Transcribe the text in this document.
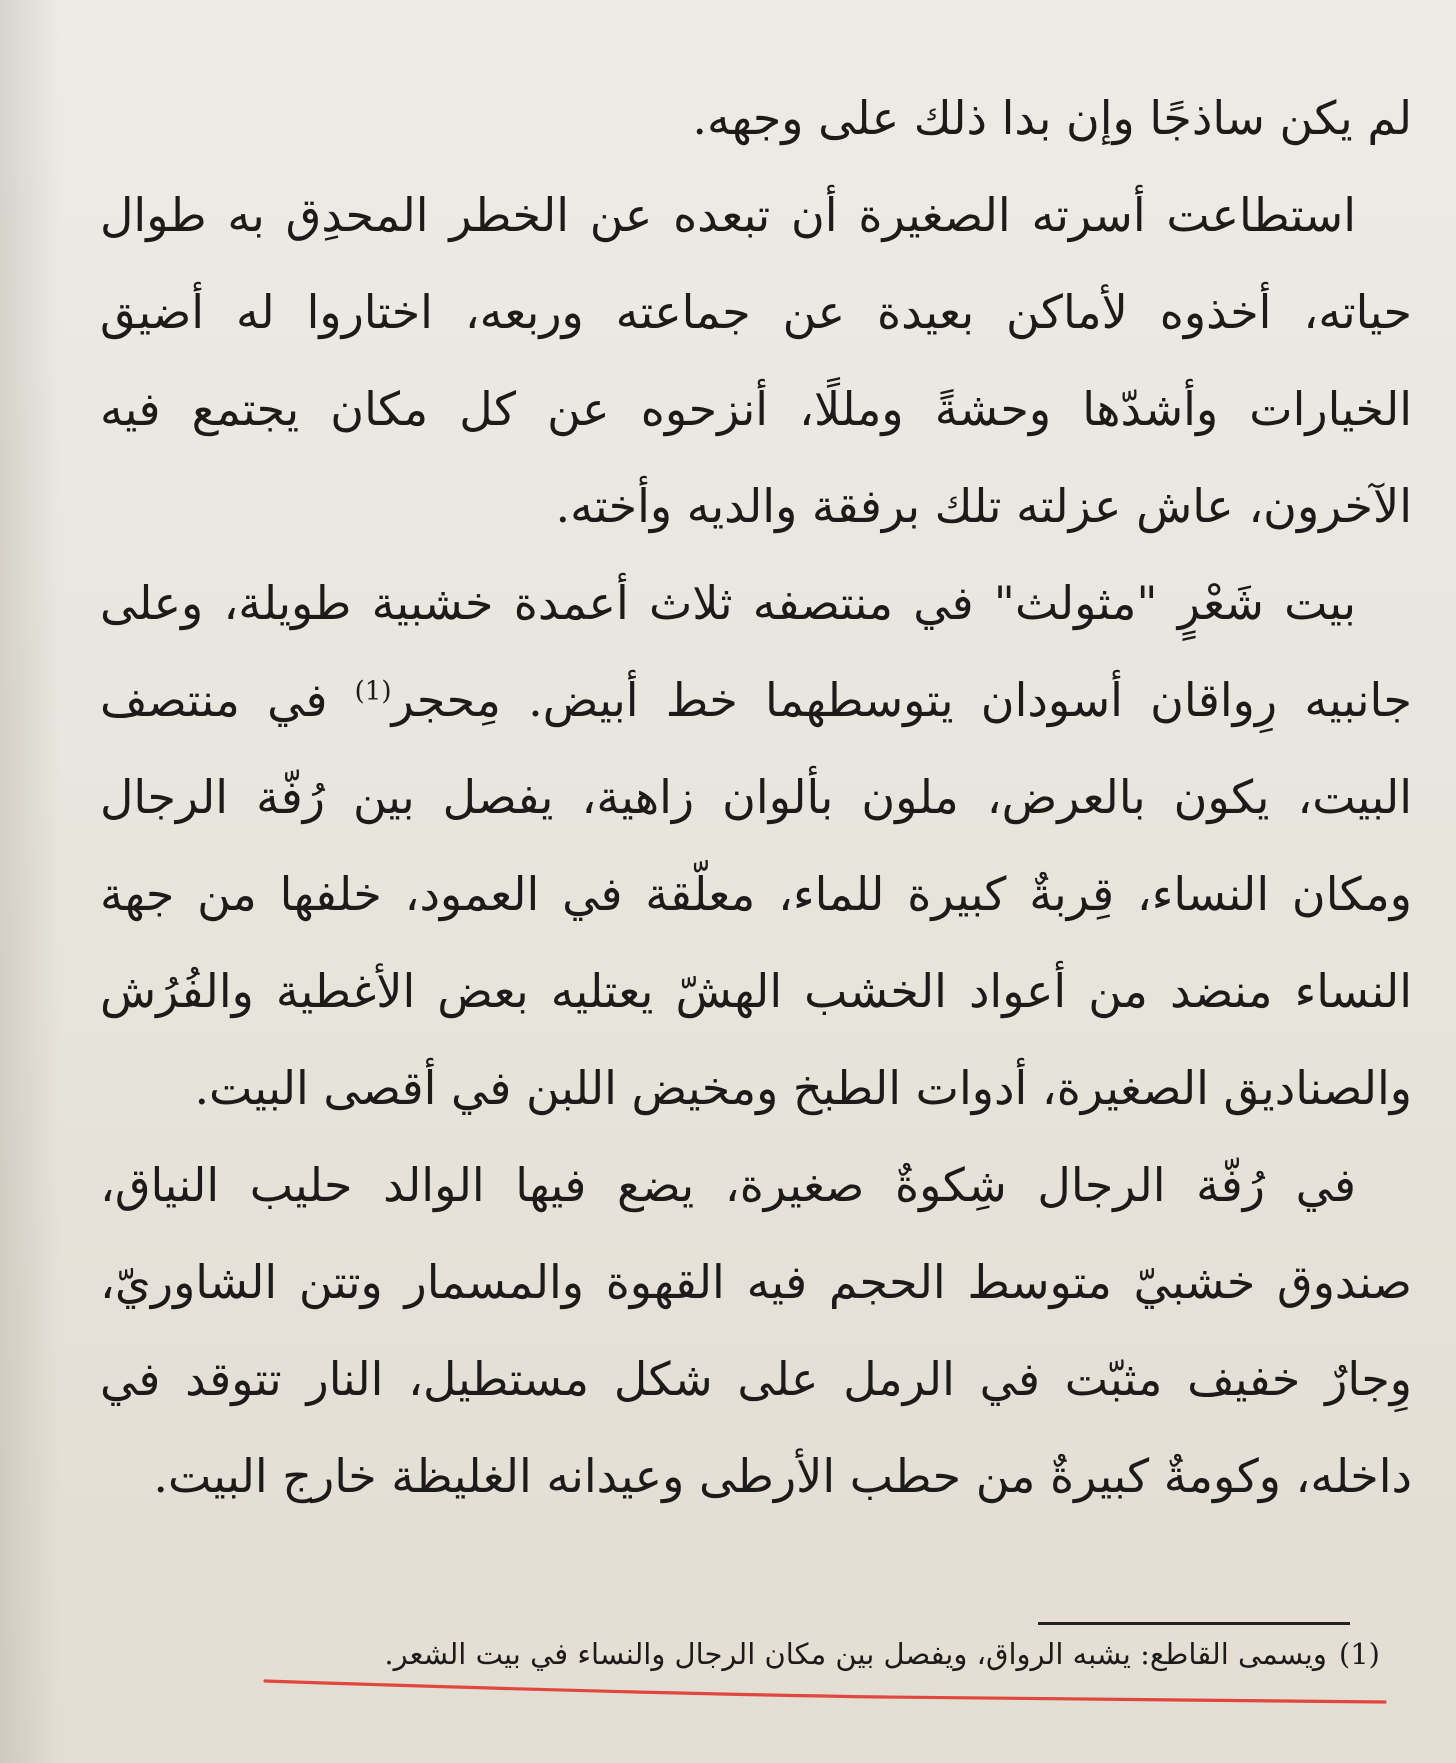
لم يكن ساذجًا وإن بدا ذلك على وجهه.

استطاعت أسرته الصغيرة أن تبعده عن الخطر المحدِق به طوال حياته، أخذوه لأماكن بعيدة عن جماعته وربعه، اختاروا له أضيق الخيارات وأشدّها وحشةً ومللًا، أنزحوه عن كل مكان يجتمع فيه الآخرون، عاش عزلته تلك برفقة والديه وأخته.

بيت شَعْرٍ "مثولث" في منتصفه ثلاث أعمدة خشبية طويلة، وعلى جانبيه رِواقان أسودان يتوسطهما خط أبيض. مِحجر$^{(1)}$ في منتصف البيت، يكون بالعرض، ملون بألوان زاهية، يفصل بين رُفّة الرجال ومكان النساء، قِربةٌ كبيرة للماء، معلّقة في العمود، خلفها من جهة النساء منضد من أعواد الخشب الهشّ يعتليه بعض الأغطية والفُرُش والصناديق الصغيرة، أدوات الطبخ ومخيض اللبن في أقصى البيت.

في رُفّة الرجال شِكوةٌ صغيرة، يضع فيها الوالد حليب النياق، صندوق خشبيّ متوسط الحجم فيه القهوة والمسمار وتتن الشاوريّ، وِجارٌ خفيف مثبّت في الرمل على شكل مستطيل، النار تتوقد في داخله، وكومةٌ كبيرةٌ من حطب الأرطى وعيدانه الغليظة خارج البيت.

(1)ويسمى القاطع: يشبه الرواق، ويفصل بين مكان الرجال والنساء في بيت الشعر.
